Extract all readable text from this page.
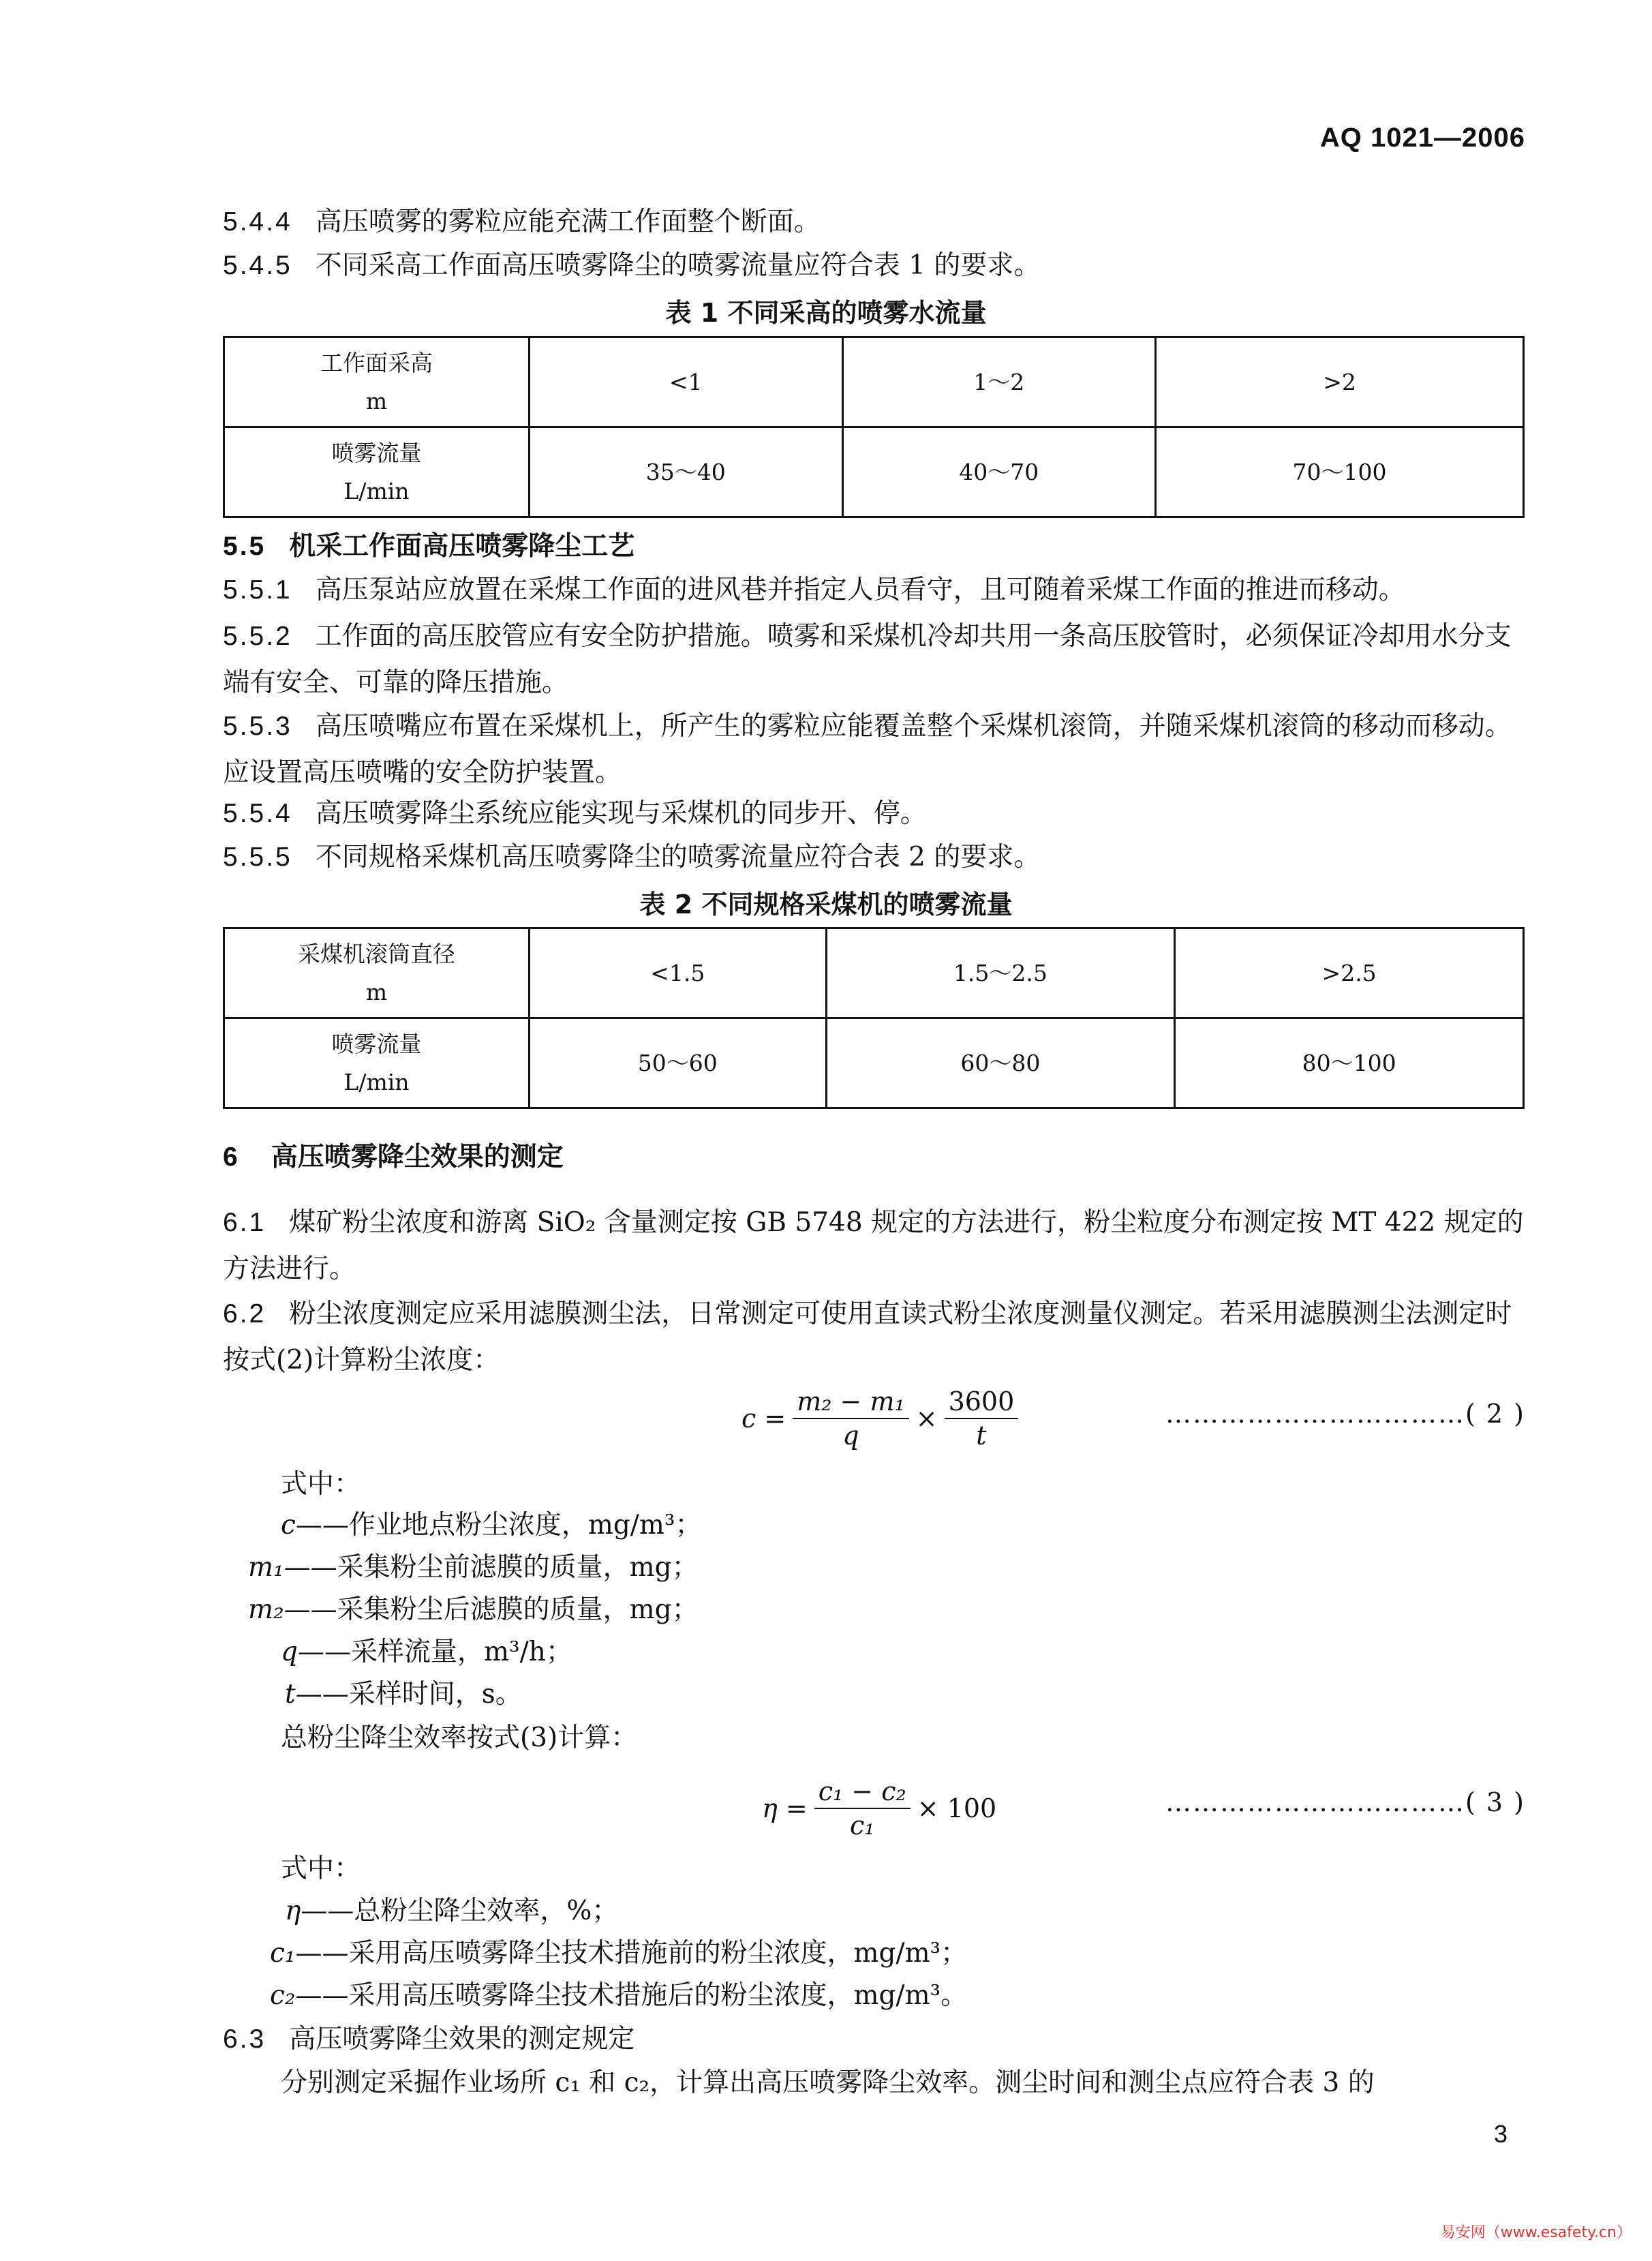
AQ 1021—2006
5.4.4 高压喷雾的雾粒应能充满工作面整个断面。
5.4.5 不同采高工作面高压喷雾降尘的喷雾流量应符合表 1 的要求。
表 1 不同采高的喷雾水流量
工作面采高
m	<1	1～2	>2

喷雾流量
L/min	35～40	40～70	70～100
5.5 机采工作面高压喷雾降尘工艺
5.5.1 高压泵站应放置在采煤工作面的进风巷并指定人员看守，且可随着采煤工作面的推进而移动。
5.5.2 工作面的高压胶管应有安全防护措施。喷雾和采煤机冷却共用一条高压胶管时，必须保证冷却用水分支端有安全、可靠的降压措施。
5.5.3 高压喷嘴应布置在采煤机上，所产生的雾粒应能覆盖整个采煤机滚筒，并随采煤机滚筒的移动而移动。应设置高压喷嘴的安全防护装置。
5.5.4 高压喷雾降尘系统应能实现与采煤机的同步开、停。
5.5.5 不同规格采煤机高压喷雾降尘的喷雾流量应符合表 2 的要求。
表 2 不同规格采煤机的喷雾流量
采煤机滚筒直径
m	<1.5	1.5～2.5	>2.5

喷雾流量
L/min	50～60	60～80	80～100
6 高压喷雾降尘效果的测定
6.1 煤矿粉尘浓度和游离 SiO₂ 含量测定按 GB 5748 规定的方法进行，粉尘粒度分布测定按 MT 422 规定的方法进行。
6.2 粉尘浓度测定应采用滤膜测尘法，日常测定可使用直读式粉尘浓度测量仪测定。若采用滤膜测尘法测定时按式(2)计算粉尘浓度：
$c = \frac{\text{m₂ − m₁}}{q} \times \frac{3600}{t}$	……………………………( 2 )
式中：
c——作业地点粉尘浓度，mg/m³；
m₁——采集粉尘前滤膜的质量，mg；
m₂——采集粉尘后滤膜的质量，mg；
q——采样流量，m³/h；
t——采样时间，s。
总粉尘降尘效率按式(3)计算：
$\eta = \frac{\text{c₁ − c₂}}{\text{c₁}} \times 100$	……………………………( 3 )
式中：
η——总粉尘降尘效率，%；
c₁——采用高压喷雾降尘技术措施前的粉尘浓度，mg/m³；
c₂——采用高压喷雾降尘技术措施后的粉尘浓度，mg/m³。
6.3 高压喷雾降尘效果的测定规定
分别测定采掘作业场所 c₁ 和 c₂，计算出高压喷雾降尘效率。测尘时间和测尘点应符合表 3 的
3
易安网（www.esafety.cn）
